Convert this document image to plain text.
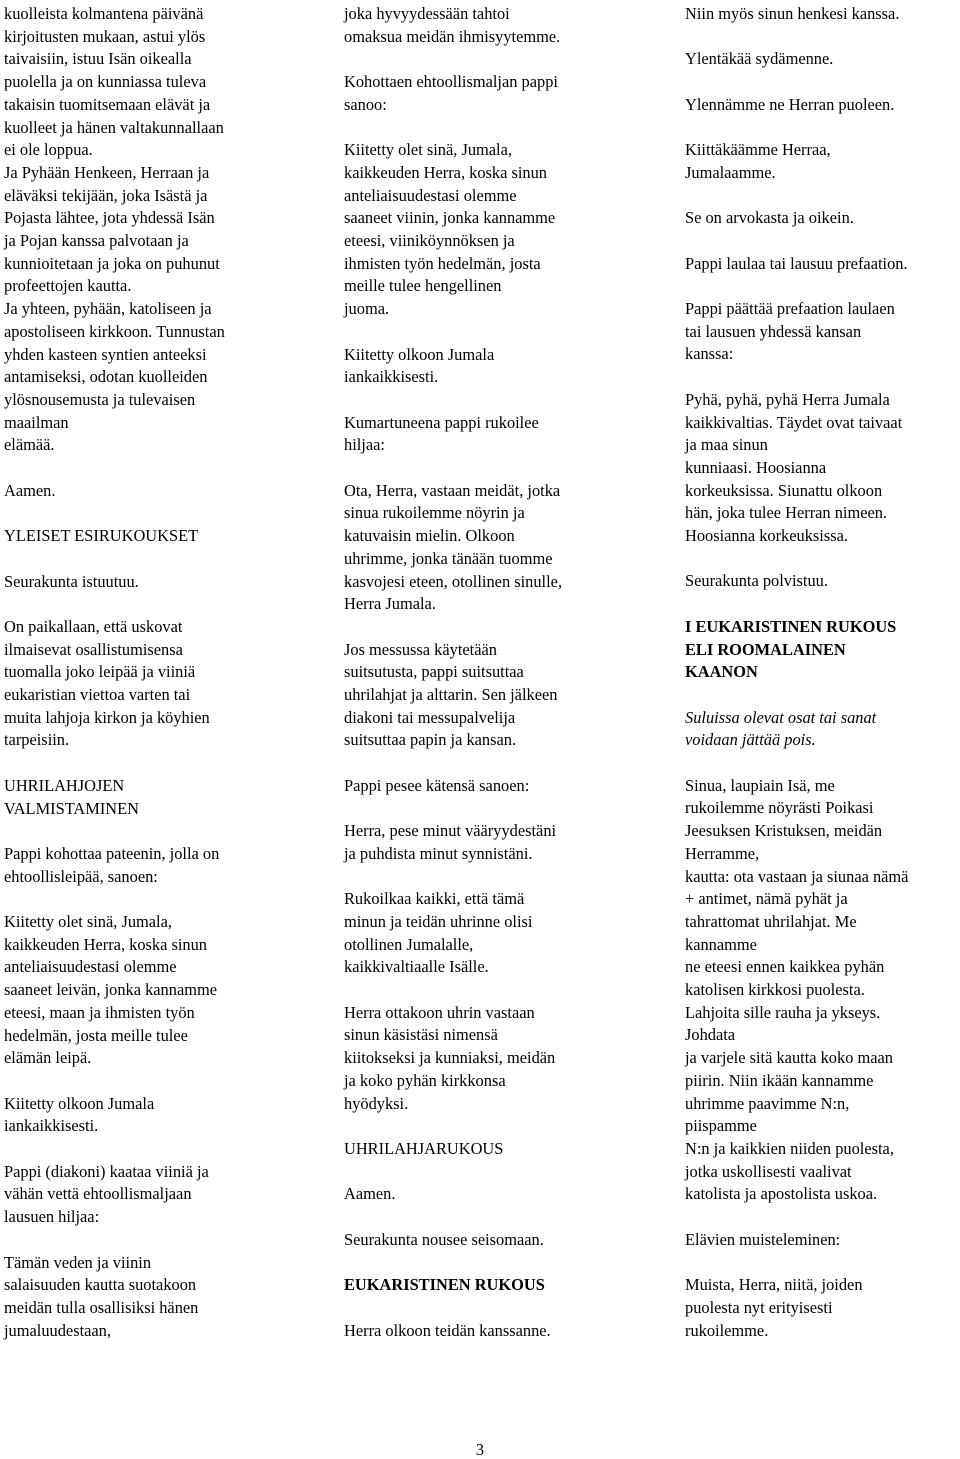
kuolleista kolmantena päivänä
kirjoitusten mukaan, astui ylös
taivaisiin, istuu Isän oikealla
puolella ja on kunniassa tuleva
takaisin tuomitsemaan elävät ja
kuolleet ja hänen valtakunnallaan
ei ole loppua.
Ja Pyhään Henkeen, Herraan ja
eläväksi tekijään, joka Isästä ja
Pojasta lähtee, jota yhdessä Isän
ja Pojan kanssa palvotaan ja
kunnioitetaan ja joka on puhunut
profeettojen kautta.
Ja yhteen, pyhään, katoliseen ja
apostoliseen kirkkoon. Tunnustan
yhden kasteen syntien anteeksi
antamiseksi, odotan kuolleiden
ylösnousemusta ja tulevaisen
maailman
elämää.
Aamen.
YLEISET ESIRUKOUKSET
Seurakunta istuutuu.
On paikallaan, että uskovat
ilmaisevat osallistumisensa
tuomalla joko leipää ja viiniä
eukaristian viettoa varten tai
muita lahjoja kirkon ja köyhien
tarpeisiin.
UHRILAHJOJEN
VALMISTAMINEN
Pappi kohottaa pateenin, jolla on
ehtoollisleipää, sanoen:
Kiitetty olet sinä, Jumala,
kaikkeuden Herra, koska sinun
anteliaisuudestasi olemme
saaneet leivän, jonka kannamme
eteesi, maan ja ihmisten työn
hedelmän, josta meille tulee
elämän leipä.
Kiitetty olkoon Jumala
iankaikkisesti.
Pappi (diakoni) kaataa viiniä ja
vähän vettä ehtoollismaljaan
lausuen hiljaa:
Tämän veden ja viinin
salaisuuden kautta suotakoon
meidän tulla osallisiksi hänen
jumaluudestaan,
joka hyvyydessään tahtoi
omaksua meidän ihmisyytemme.
Kohottaen ehtoollismaljan pappi
sanoo:
Kiitetty olet sinä, Jumala,
kaikkeuden Herra, koska sinun
anteliaisuudestasi olemme
saaneet viinin, jonka kannamme
eteesi, viiniköynnöksen ja
ihmisten työn hedelmän, josta
meille tulee hengellinen
juoma.
Kiitetty olkoon Jumala
iankaikkisesti.
Kumartuneena pappi rukoilee
hiljaa:
Ota, Herra, vastaan meidät, jotka
sinua rukoilemme nöyrin ja
katuvaisin mielin. Olkoon
uhrimme, jonka tänään tuomme
kasvojesi eteen, otollinen sinulle,
Herra Jumala.
Jos messussa käytetään
suitsutusta, pappi suitsuttaa
uhrilahjat ja alttarin. Sen jälkeen
diakoni tai messupalvelija
suitsuttaa papin ja kansan.
Pappi pesee kätensä sanoen:
Herra, pese minut vääryydestäni
ja puhdista minut synnistäni.
Rukoilkaa kaikki, että tämä
minun ja teidän uhrinne olisi
otollinen Jumalalle,
kaikkivaltiaalle Isälle.
Herra ottakoon uhrin vastaan
sinun käsistäsi nimensä
kiitokseksi ja kunniaksi, meidän
ja koko pyhän kirkkonsa
hyödyksi.
UHRILAHJARUKOUS
Aamen.
Seurakunta nousee seisomaan.
EUKARISTINEN RUKOUS
Herra olkoon teidän kanssanne.
Niin myös sinun henkesi kanssa.
Ylentäkää sydämenne.
Ylennämme ne Herran puoleen.
Kiittäkäämme Herraa,
Jumalaamme.
Se on arvokasta ja oikein.
Pappi laulaa tai lausuu prefaation.
Pappi päättää prefaation laulaen
tai lausuen yhdessä kansan
kanssa:
Pyhä, pyhä, pyhä Herra Jumala
kaikkivaltias. Täydet ovat taivaat
ja maa sinun
kunniaasi. Hoosianna
korkeuksissa. Siunattu olkoon
hän, joka tulee Herran nimeen.
Hoosianna korkeuksissa.
Seurakunta polvistuu.
I EUKARISTINEN RUKOUS
ELI ROOMALAINEN
KAANON
Suluissa olevat osat tai sanat
voidaan jättää pois.
Sinua, laupiain Isä, me
rukoilemme nöyrästi Poikasi
Jeesuksen Kristuksen, meidän
Herramme,
kautta: ota vastaan ja siunaa nämä
+ antimet, nämä pyhät ja
tahrattomat uhrilahjat. Me
kannamme
ne eteesi ennen kaikkea pyhän
katolisen kirkkosi puolesta.
Lahjoita sille rauha ja ykseys.
Johdata
ja varjele sitä kautta koko maan
piirin. Niin ikään kannamme
uhrimme paavimme N:n,
piispamme
N:n ja kaikkien niiden puolesta,
jotka uskollisesti vaalivat
katolista ja apostolista uskoa.
Elävien muisteleminen:
Muista, Herra, niitä, joiden
puolesta nyt erityisesti
rukoilemme.
3
